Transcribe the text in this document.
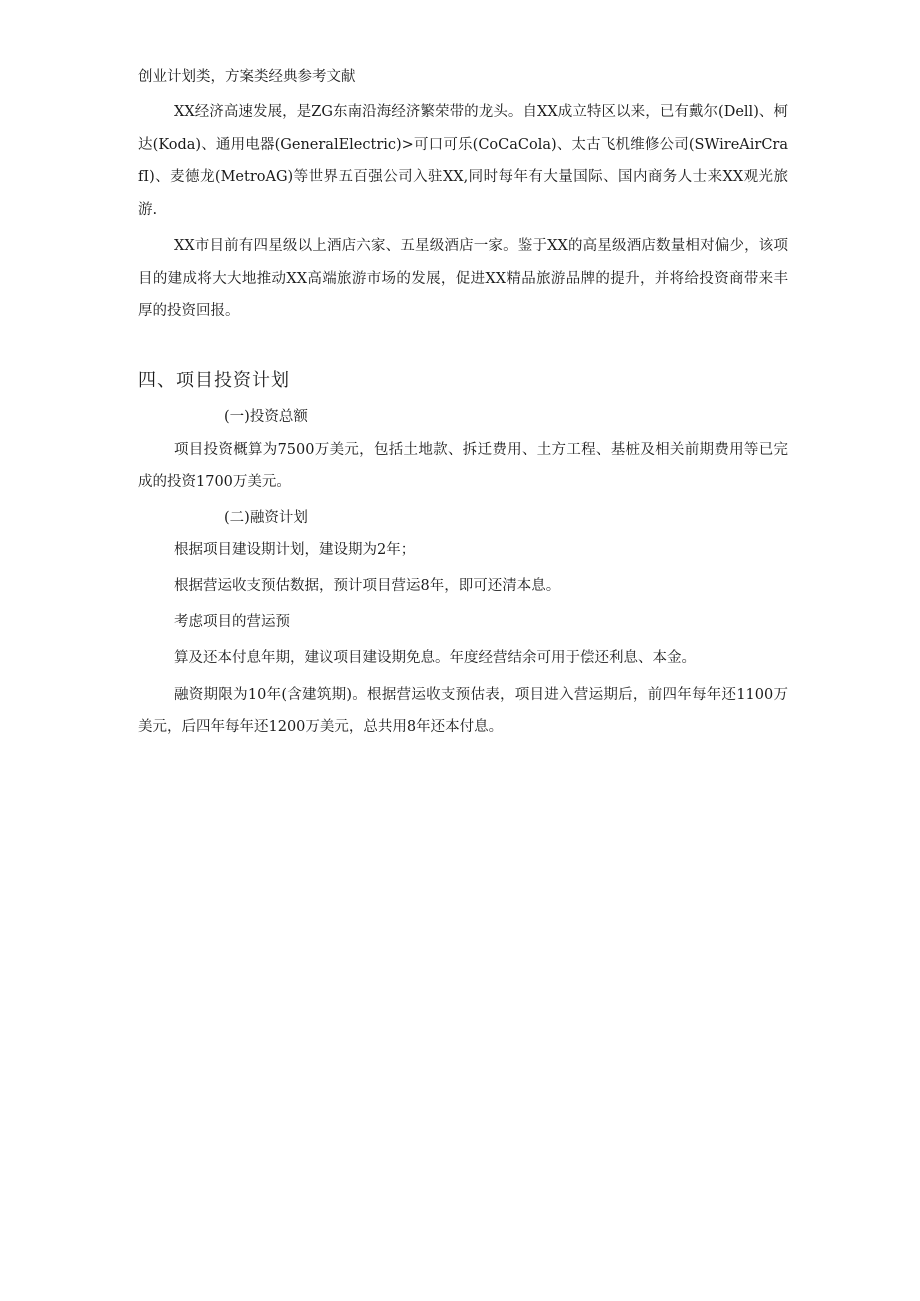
创业计划类，方案类经典参考文献

XX经济高速发展，是ZG东南沿海经济繁荣带的龙头。自XX成立特区以来，已有戴尔(Dell)、柯达(Koda)、通用电器(GeneralElectric)>可口可乐(CoCaCola)、太古飞机维修公司(SWireAirCrafI)、麦德龙(MetroAG)等世界五百强公司入驻XX,同时每年有大量国际、国内商务人士来XX观光旅游.

XX市目前有四星级以上酒店六家、五星级酒店一家。鉴于XX的高星级酒店数量相对偏少，该项目的建成将大大地推动XX高端旅游市场的发展，促进XX精品旅游品牌的提升，并将给投资商带来丰厚的投资回报。

四、项目投资计划
(一)投资总额

项目投资概算为7500万美元，包括土地款、拆迁费用、土方工程、基桩及相关前期费用等已完成的投资1700万美元。

(二)融资计划
根据项目建设期计划，建设期为2年；
根据营运收支预估数据，预计项目营运8年，即可还清本息。
考虑项目的营运预
算及还本付息年期，建议项目建设期免息。年度经营结余可用于偿还利息、本金。

融资期限为10年(含建筑期)。根据营运收支预估表，项目进入营运期后，前四年每年还1100万美元，后四年每年还1200万美元，总共用8年还本付息。
